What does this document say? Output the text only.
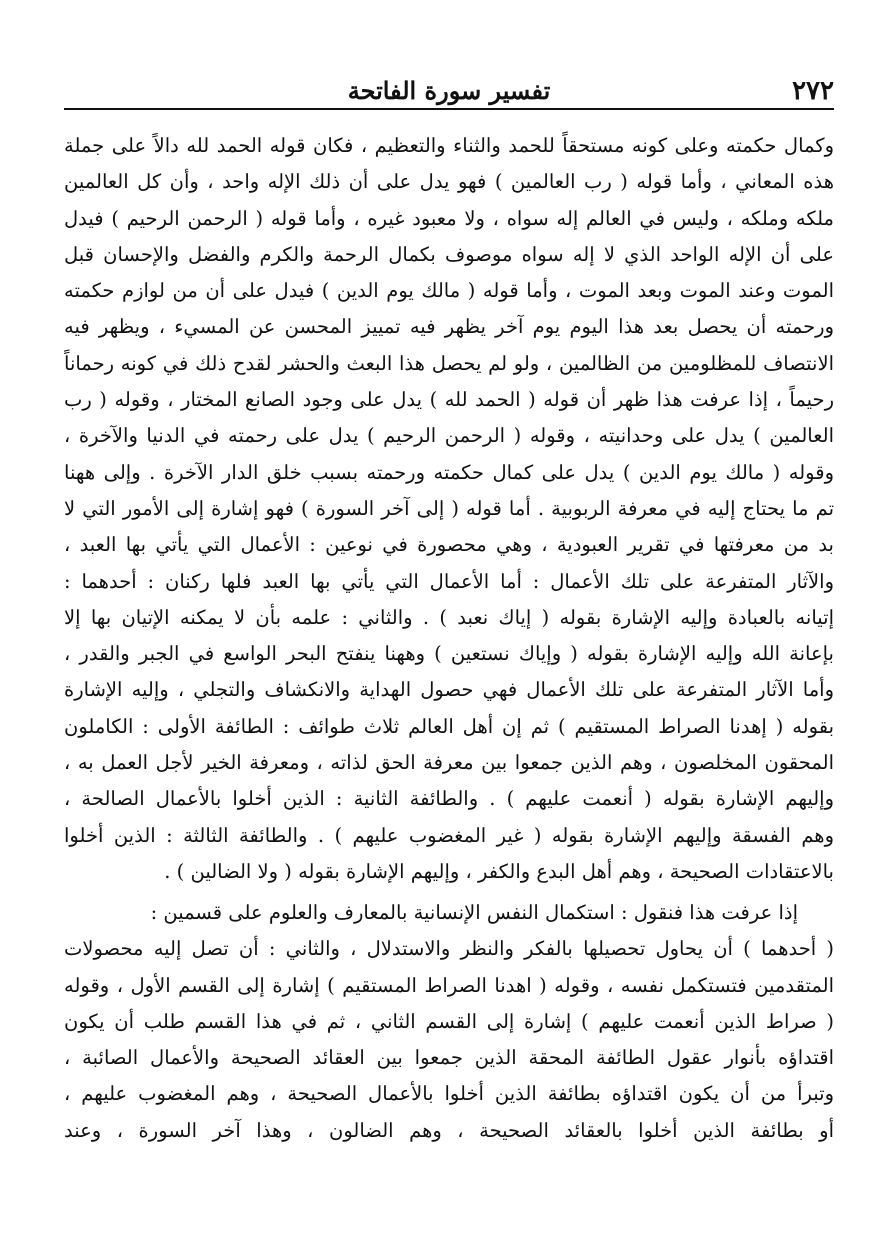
٢٧٢
تفسير سورة الفاتحة
وكمال حكمته وعلى كونه مستحقاً للحمد والثناء والتعظيم ، فكان قوله الحمد لله دالاً على جملة
هذه المعاني ، وأما قوله ( رب العالمين ) فهو يدل على أن ذلك الإله واحد ، وأن كل العالمين
ملكه وملكه ، وليس في العالم إله سواه ، ولا معبود غيره ، وأما قوله ( الرحمن الرحيم ) فيدل
على أن الإله الواحد الذي لا إله سواه موصوف بكمال الرحمة والكرم والفضل والإحسان قبل
الموت وعند الموت وبعد الموت ، وأما قوله ( مالك يوم الدين ) فيدل على أن من لوازم حكمته
ورحمته أن يحصل بعد هذا اليوم يوم آخر يظهر فيه تمييز المحسن عن المسيء ، ويظهر فيه
الانتصاف للمظلومين من الظالمين ، ولو لم يحصل هذا البعث والحشر لقدح ذلك في كونه رحماناً
رحيماً ، إذا عرفت هذا ظهر أن قوله ( الحمد لله ) يدل على وجود الصانع المختار ، وقوله ( رب
العالمين ) يدل على وحدانيته ، وقوله ( الرحمن الرحيم ) يدل على رحمته في الدنيا والآخرة ،
وقوله ( مالك يوم الدين ) يدل على كمال حكمته ورحمته بسبب خلق الدار الآخرة . وإلى ههنا
تم ما يحتاج إليه في معرفة الربوبية . أما قوله ( إلى آخر السورة ) فهو إشارة إلى الأمور التي لا
بد من معرفتها في تقرير العبودية ، وهي محصورة في نوعين : الأعمال التي يأتي بها العبد ،
والآثار المتفرعة على تلك الأعمال : أما الأعمال التي يأتي بها العبد فلها ركنان : أحدهما :
إتيانه بالعبادة وإليه الإشارة بقوله ( إياك نعبد ) . والثاني : علمه بأن لا يمكنه الإتيان بها إلا
بإعانة الله وإليه الإشارة بقوله ( وإياك نستعين ) وههنا ينفتح البحر الواسع في الجبر والقدر ،
وأما الآثار المتفرعة على تلك الأعمال فهي حصول الهداية والانكشاف والتجلي ، وإليه الإشارة
بقوله ( إهدنا الصراط المستقيم ) ثم إن أهل العالم ثلاث طوائف : الطائفة الأولى : الكاملون
المحقون المخلصون ، وهم الذين جمعوا بين معرفة الحق لذاته ، ومعرفة الخير لأجل العمل به ،
وإليهم الإشارة بقوله ( أنعمت عليهم ) . والطائفة الثانية : الذين أخلوا بالأعمال الصالحة ،
وهم الفسقة وإليهم الإشارة بقوله ( غير المغضوب عليهم ) . والطائفة الثالثة : الذين أخلوا
بالاعتقادات الصحيحة ، وهم أهل البدع والكفر ، وإليهم الإشارة بقوله ( ولا الضالين ) .
إذا عرفت هذا فنقول : استكمال النفس الإنسانية بالمعارف والعلوم على قسمين :
( أحدهما ) أن يحاول تحصيلها بالفكر والنظر والاستدلال ، والثاني : أن تصل إليه محصولات
المتقدمين فتستكمل نفسه ، وقوله ( اهدنا الصراط المستقيم ) إشارة إلى القسم الأول ، وقوله
( صراط الذين أنعمت عليهم ) إشارة إلى القسم الثاني ، ثم في هذا القسم طلب أن يكون
اقتداؤه بأنوار عقول الطائفة المحقة الذين جمعوا بين العقائد الصحيحة والأعمال الصائبة ،
وتبرأ من أن يكون اقتداؤه بطائفة الذين أخلوا بالأعمال الصحيحة ، وهم المغضوب عليهم ،
أو بطائفة الذين أخلوا بالعقائد الصحيحة ، وهم الضالون ، وهذا آخر السورة ، وعند
